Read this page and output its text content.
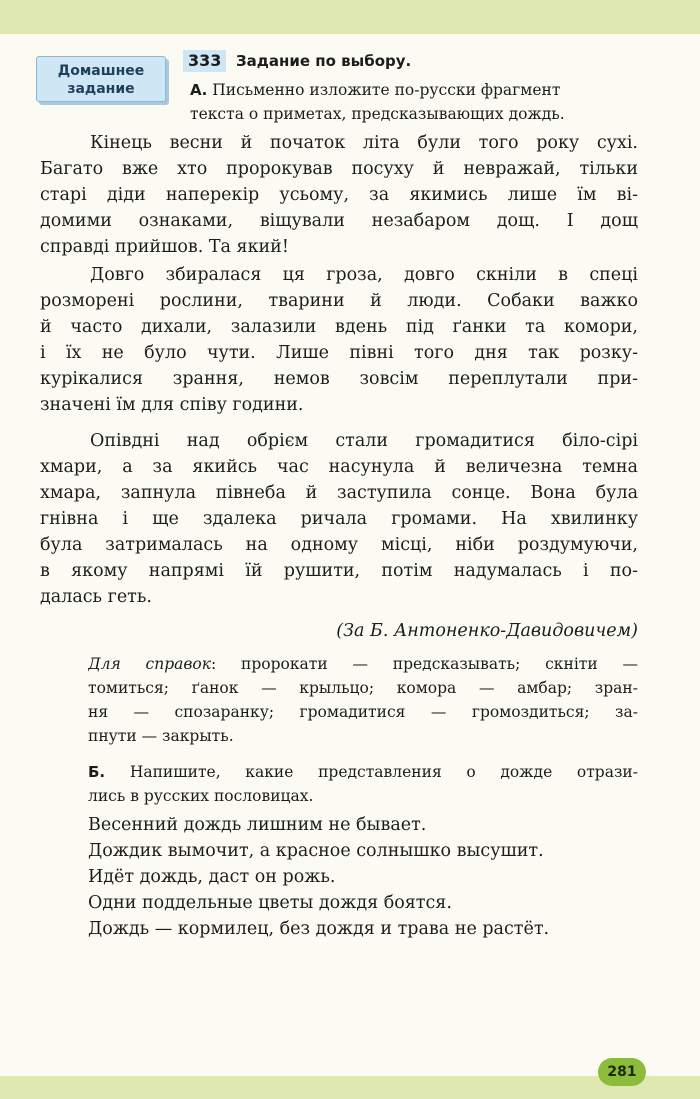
Домашнее
задание
333 Задание по выбору.
А. Письменно изложите по-русски фрагмент
текста о приметах, предсказывающих дождь.
Кінець весни й початок літа були того року сухі.
Багато вже хто пророкував посуху й невражай, тільки
старі діди наперекір усьому, за якимись лише їм ві-
домими ознаками, віщували незабаром дощ. І дощ
справді прийшов. Та який!
Довго збиралася ця гроза, довго скніли в спеці
розморені рослини, тварини й люди. Собаки важко
й часто дихали, залазили вдень під ґанки та комори,
і їх не було чути. Лише півні того дня так розку-
курікалися зрання, немов зовсім переплутали при-
значені їм для співу години.
Опівдні над обрієм стали громадитися біло-сірі
хмари, а за якийсь час насунула й величезна темна
хмара, запнула півнеба й заступила сонце. Вона була
гнівна і ще здалека ричала громами. На хвилинку
була затрималась на одному місці, ніби роздумуючи,
в якому напрямі їй рушити, потім надумалась і по-
далась геть.
(За Б. Антоненко-Давидовичем)
Для справок: пророкати — предсказывать; скніти —
томиться; ґанок — крыльцо; комора — амбар; зран-
ня — спозаранку; громадитися — громоздиться; за-
пнути — закрыть.
Б. Напишите, какие представления о дожде отрази-
лись в русских пословицах.
Весенний дождь лишним не бывает.
Дождик вымочит, а красное солнышко высушит.
Идёт дождь, даст он рожь.
Одни поддельные цветы дождя боятся.
Дождь — кормилец, без дождя и трава не растёт.
281
